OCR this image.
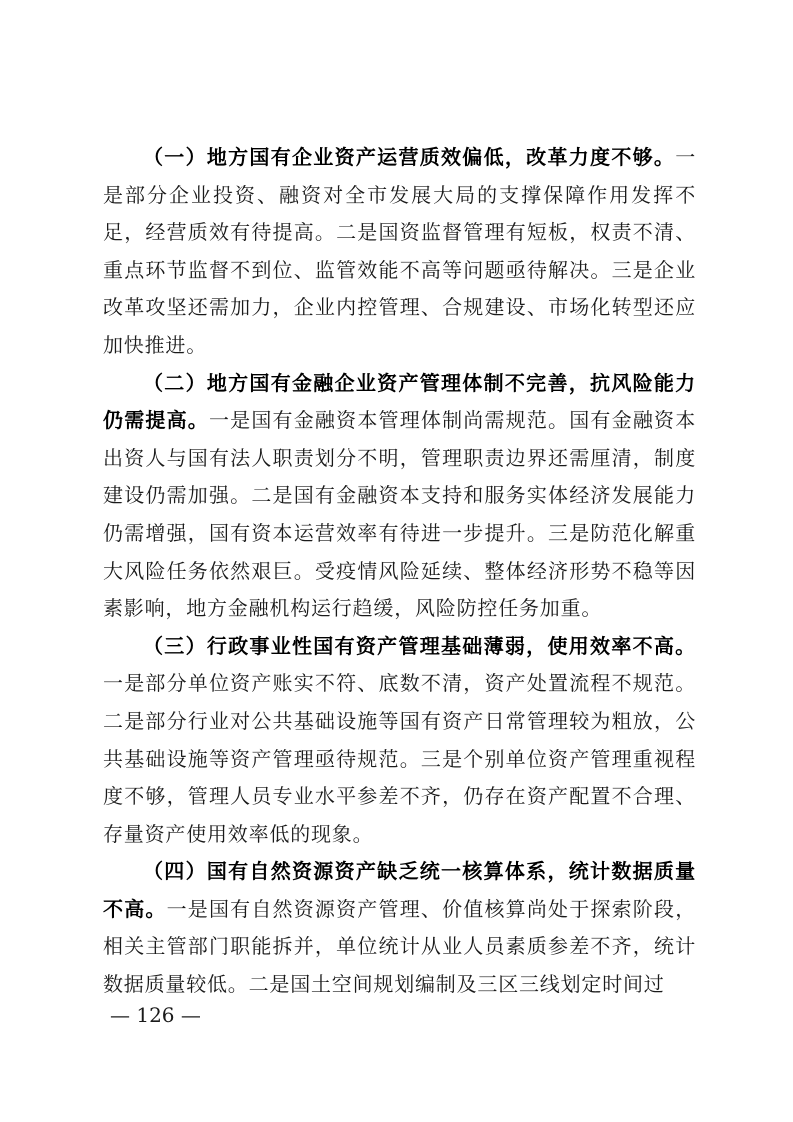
（一）地方国有企业资产运营质效偏低，改革力度不够。一是部分企业投资、融资对全市发展大局的支撑保障作用发挥不足，经营质效有待提高。二是国资监督管理有短板，权责不清、重点环节监督不到位、监管效能不高等问题亟待解决。三是企业改革攻坚还需加力，企业内控管理、合规建设、市场化转型还应加快推进。

（二）地方国有金融企业资产管理体制不完善，抗风险能力仍需提高。一是国有金融资本管理体制尚需规范。国有金融资本出资人与国有法人职责划分不明，管理职责边界还需厘清，制度建设仍需加强。二是国有金融资本支持和服务实体经济发展能力仍需增强，国有资本运营效率有待进一步提升。三是防范化解重大风险任务依然艰巨。受疫情风险延续、整体经济形势不稳等因素影响，地方金融机构运行趋缓，风险防控任务加重。

（三）行政事业性国有资产管理基础薄弱，使用效率不高。一是部分单位资产账实不符、底数不清，资产处置流程不规范。二是部分行业对公共基础设施等国有资产日常管理较为粗放，公共基础设施等资产管理亟待规范。三是个别单位资产管理重视程度不够，管理人员专业水平参差不齐，仍存在资产配置不合理、存量资产使用效率低的现象。

（四）国有自然资源资产缺乏统一核算体系，统计数据质量不高。一是国有自然资源资产管理、价值核算尚处于探索阶段，相关主管部门职能拆并，单位统计从业人员素质参差不齐，统计数据质量较低。二是国土空间规划编制及三区三线划定时间过

— 126 —
